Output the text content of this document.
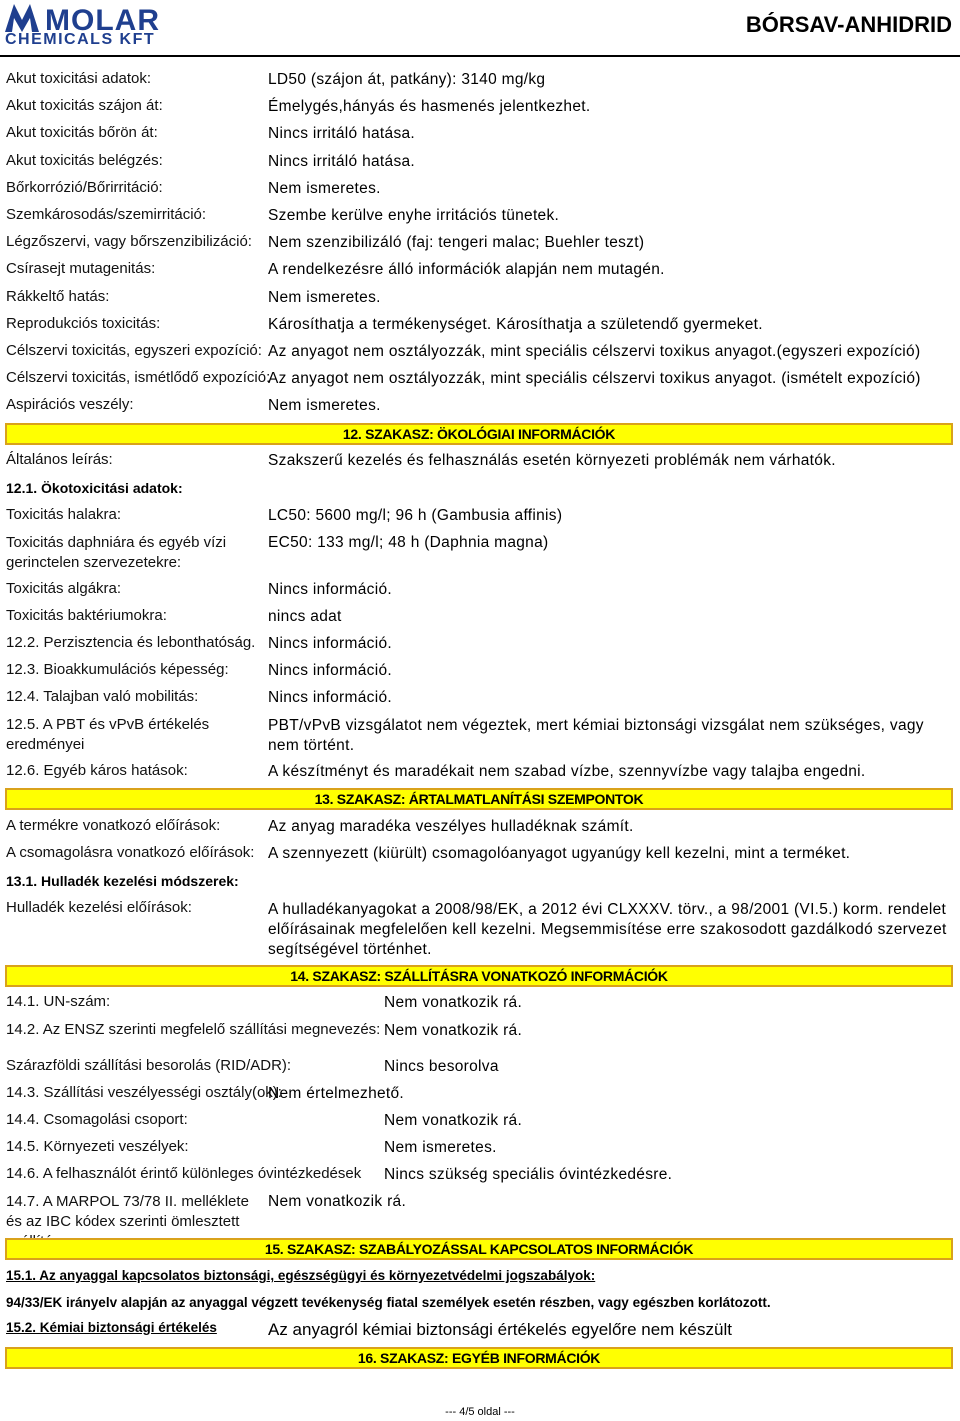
MOLAR
CHEMICALS KFT
BÓRSAV-ANHIDRID
Akut toxicitási adatok:	LD50 (szájon át, patkány): 3140 mg/kg
Akut toxicitás szájon át:	Émelygés,hányás és hasmenés jelentkezhet.
Akut toxicitás bőrön át:	Nincs irritáló hatása.
Akut toxicitás belégzés:	Nincs irritáló hatása.
Bőrkorrózió/Bőrirritáció:	Nem ismeretes.
Szemkárosodás/szemirritáció:	Szembe kerülve enyhe irritációs tünetek.
Légzőszervi, vagy bőrszenzibilizáció: Nem szenzibilizáló (faj: tengeri malac; Buehler teszt)
Csírasejt mutagenitás:	A rendelkezésre álló információk alapján nem mutagén.
Rákkeltő hatás:	Nem ismeretes.
Reprodukciós toxicitás:	Károsíthatja a termékenységet. Károsíthatja a születendő gyermeket.
Célszervi toxicitás, egyszeri expozíció: Az anyagot nem osztályozzák, mint speciális célszervi toxikus anyagot.(egyszeri expozíció)
Célszervi toxicitás, ismétlődő expozíció:
Az anyagot nem osztályozzák, mint speciális célszervi toxikus anyagot. (ismételt expozíció)
Aspirációs veszély:	Nem ismeretes.
12. SZAKASZ: ÖKOLÓGIAI INFORMÁCIÓK
Általános leírás:	Szakszerű kezelés és felhasználás esetén környezeti problémák nem várhatók.
12.1. Ökotoxicitási adatok:
Toxicitás halakra:	LC50: 5600 mg/l; 96 h (Gambusia affinis)
Toxicitás daphniára és egyéb vízi gerinctelen szervezetekre:
EC50: 133 mg/l; 48 h (Daphnia magna)
Toxicitás algákra:	Nincs információ.
Toxicitás baktériumokra:	nincs adat
12.2. Perzisztencia és lebonthatóság. Nincs információ.
12.3. Bioakkumulációs képesség:	Nincs információ.
12.4. Talajban való mobilitás:	Nincs információ.
12.5. A PBT és vPvB értékelés eredményei
PBT/vPvB vizsgálatot nem végeztek, mert kémiai biztonsági vizsgálat nem szükséges, vagy nem történt.
12.6. Egyéb káros hatások:	A készítményt és maradékait nem szabad vízbe, szennyvízbe vagy talajba engedni.
13. SZAKASZ: ÁRTALMATLANÍTÁSI SZEMPONTOK
A termékre vonatkozó előírások:	Az anyag maradéka veszélyes hulladéknak számít.
A csomagolásra vonatkozó előírások: A szennyezett (kiürült) csomagolóanyagot ugyanúgy kell kezelni, mint a terméket.
13.1. Hulladék kezelési módszerek:
Hulladék kezelési előírások:	A hulladékanyagokat a 2008/98/EK, a 2012 évi CLXXXV. törv., a 98/2001 (VI.5.) korm. rendelet előírásainak megfelelően kell kezelni. Megsemmisítése erre szakosodott gazdálkodó szervezet segítségével történhet.
14. SZAKASZ: SZÁLLÍTÁSRA VONATKOZÓ INFORMÁCIÓK
14.1. UN-szám:	Nem vonatkozik rá.
14.2. Az ENSZ szerinti megfelelő szállítási megnevezés: Nem vonatkozik rá.
Szárazföldi szállítási besorolás (RID/ADR):	Nincs besorolva
14.3. Szállítási veszélyességi osztály(ok):
Nem értelmezhető.
14.4. Csomagolási csoport:	Nem vonatkozik rá.
14.5. Környezeti veszélyek:	Nem ismeretes.
14.6. A felhasználót érintő különleges óvintézkedések Nincs szükség speciális óvintézkedésre.
14.7. A MARPOL 73/78 II. melléklete és az IBC kódex szerinti ömlesztett
Nem vonatkozik rá.
15. SZAKASZ: SZABÁLYOZÁSSAL KAPCSOLATOS INFORMÁCIÓK
15.1. Az anyaggal kapcsolatos biztonsági, egészségügyi és környezetvédelmi jogszabályok:
94/33/EK irányelv alapján az anyaggal végzett tevékenység fiatal személyek esetén részben, vagy egészben korlátozott.
15.2. Kémiai biztonsági értékelés	Az anyagról kémiai biztonsági értékelés egyelőre nem készült
16. SZAKASZ: EGYÉB INFORMÁCIÓK
--- 4/5 oldal ---
